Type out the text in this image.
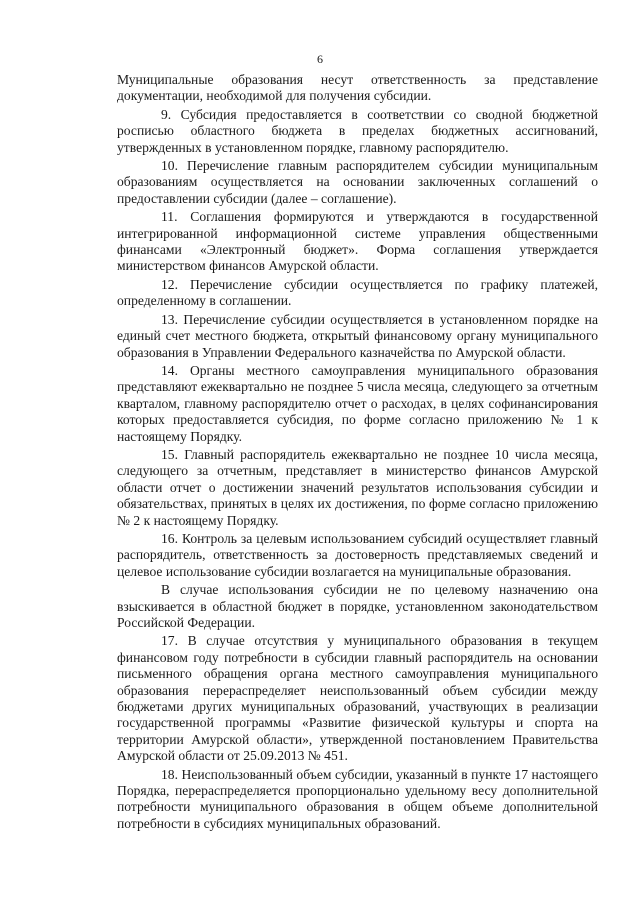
6

Муниципальные образования несут ответственность за представление документации, необходимой для получения субсидии.

9. Субсидия предоставляется в соответствии со сводной бюджетной росписью областного бюджета в пределах бюджетных ассигнований, утвержденных в установленном порядке, главному распорядителю.

10. Перечисление главным распорядителем субсидии муниципальным образованиям осуществляется на основании заключенных соглашений о предоставлении субсидии (далее – соглашение).

11. Соглашения формируются и утверждаются в государственной интегрированной информационной системе управления общественными финансами «Электронный бюджет». Форма соглашения утверждается министерством финансов Амурской области.

12. Перечисление субсидии осуществляется по графику платежей, определенному в соглашении.

13. Перечисление субсидии осуществляется в установленном порядке на единый счет местного бюджета, открытый финансовому органу муниципального образования в Управлении Федерального казначейства по Амурской области.

14. Органы местного самоуправления муниципального образования представляют ежеквартально не позднее 5 числа месяца, следующего за отчетным кварталом, главному распорядителю отчет о расходах, в целях софинансирования которых предоставляется субсидия, по форме согласно приложению № 1 к настоящему Порядку.

15. Главный распорядитель ежеквартально не позднее 10 числа месяца, следующего за отчетным, представляет в министерство финансов Амурской области отчет о достижении значений результатов использования субсидии и обязательствах, принятых в целях их достижения, по форме согласно приложению № 2 к настоящему Порядку.

16. Контроль за целевым использованием субсидий осуществляет главный распорядитель, ответственность за достоверность представляемых сведений и целевое использование субсидии возлагается на муниципальные образования.

В случае использования субсидии не по целевому назначению она взыскивается в областной бюджет в порядке, установленном законодательством Российской Федерации.

17. В случае отсутствия у муниципального образования в текущем финансовом году потребности в субсидии главный распорядитель на основании письменного обращения органа местного самоуправления муниципального образования перераспределяет неиспользованный объем субсидии между бюджетами других муниципальных образований, участвующих в реализации государственной программы «Развитие физической культуры и спорта на территории Амурской области», утвержденной постановлением Правительства Амурской области от 25.09.2013 № 451.

18. Неиспользованный объем субсидии, указанный в пункте 17 настоящего Порядка, перераспределяется пропорционально удельному весу дополнительной потребности муниципального образования в общем объеме дополнительной потребности в субсидиях муниципальных образований.
